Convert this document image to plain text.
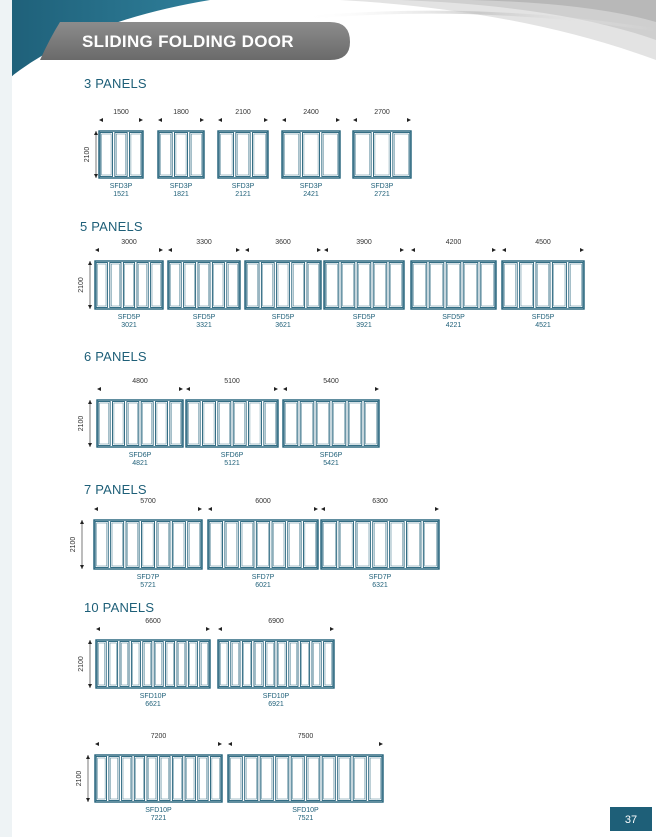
SLIDING FOLDING DOOR
37
3 PANELS
2100
1500
SFD3P
1521
1800
SFD3P
1821
2100
SFD3P
2121
2400
SFD3P
2421
2700
SFD3P
2721
5 PANELS
2100
3000
SFD5P
3021
3300
SFD5P
3321
3600
SFD5P
3621
3900
SFD5P
3921
4200
SFD5P
4221
4500
SFD5P
4521
6 PANELS
2100
4800
SFD6P
4821
5100
SFD6P
5121
5400
SFD6P
5421
7 PANELS
2100
5700
SFD7P
5721
6000
SFD7P
6021
6300
SFD7P
6321
10 PANELS
2100
6600
SFD10P
6621
6900
SFD10P
6921
2100
7200
SFD10P
7221
7500
SFD10P
7521
